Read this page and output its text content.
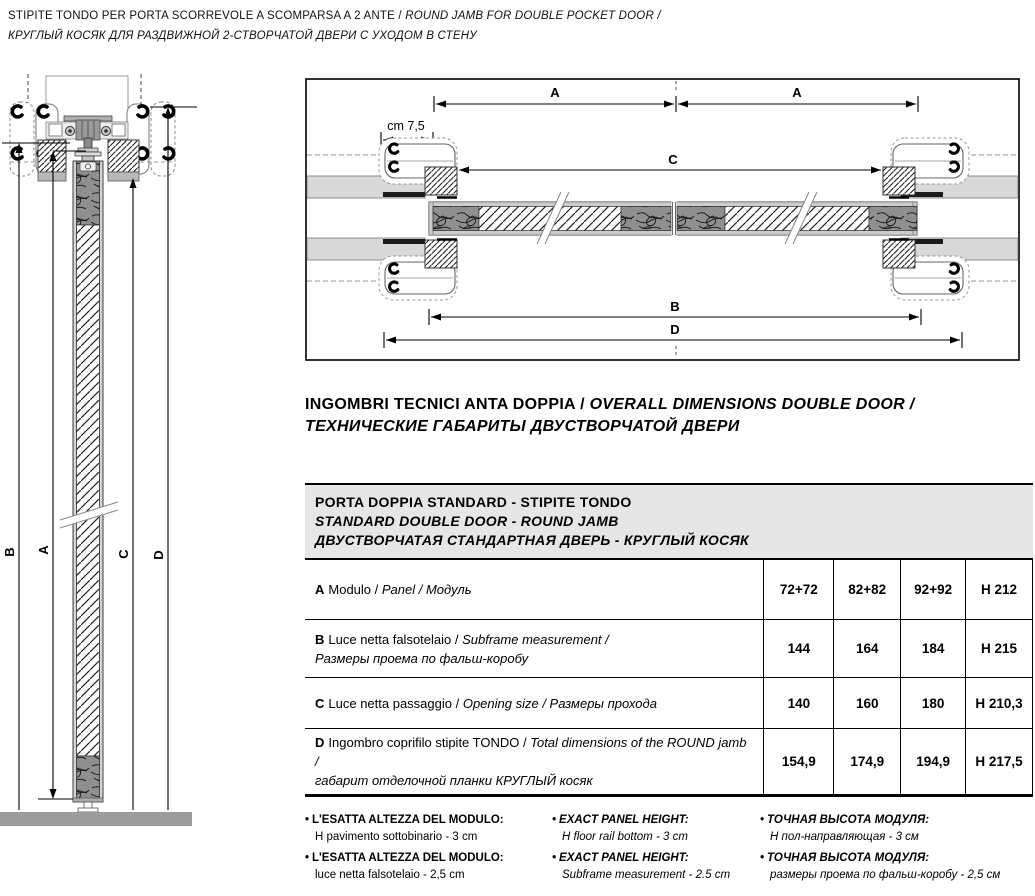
STIPITE TONDO PER PORTA SCORREVOLE A SCOMPARSA A 2 ANTE / ROUND JAMB FOR DOUBLE POCKET DOOR /
КРУГЛЫЙ КОСЯК ДЛЯ РАЗДВИЖНОЙ 2-СТВОРЧАТОЙ ДВЕРИ С УХОДОМ В СТЕНУ
B A	C D
A	A
cm 7,5
C
B
D
INGOMBRI TECNICI ANTA DOPPIA / OVERALL DIMENSIONS DOUBLE DOOR /
ТЕХНИЧЕСКИЕ ГАБАРИТЫ ДВУСТВОРЧАТОЙ ДВЕРИ
PORTA DOPPIA STANDARD - STIPITE TONDO
STANDARD DOUBLE DOOR - ROUND JAMB
ДВУСТВОРЧАТАЯ СТАНДАРТНАЯ ДВЕРЬ - КРУГЛЫЙ КОСЯК
A Modulo / Panel / Модуль	72+72	82+82	92+92	H 212
B Luce netta falsotelaio / Subframe measurement /
Размеры проема по фальш-коробу
144	164	184	H 215
C Luce netta passaggio / Opening size / Размеры прохода	140	160	180	H 210,3
D Ingombro coprifilo stipite TONDO / Total dimensions of the ROUND jamb /
габарит отделочной планки КРУГЛЫЙ косяк
154,9	174,9	194,9	H 217,5
• L'ESATTA ALTEZZA DEL MODULO:
H pavimento sottobinario - 3 cm
• L'ESATTA ALTEZZA DEL MODULO:
luce netta falsotelaio - 2,5 cm
• EXACT PANEL HEIGHT:
H floor rail bottom - 3 cm
• EXACT PANEL HEIGHT:
Subframe measurement - 2.5 cm
• ТОЧНАЯ ВЫСОТА МОДУЛЯ:
Н пол-направляющая - 3 см
• ТОЧНАЯ ВЫСОТА МОДУЛЯ:
размеры проема по фальш-коробу - 2,5 см
